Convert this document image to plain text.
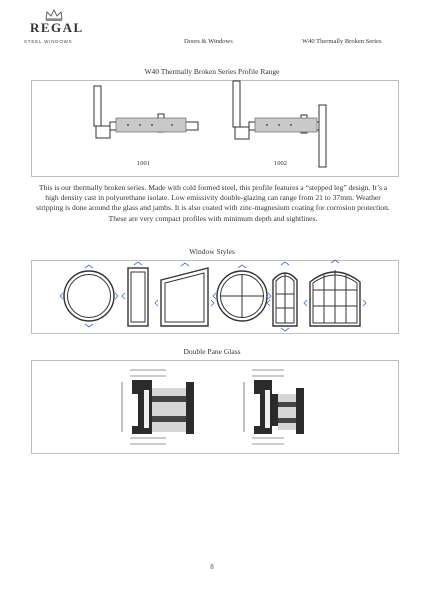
REGAL
STEEL WINDOWS	Doors & Windows	W40 Thermally Broken Series
W40 Thermally Broken Series Profile Range
1001	1002
This is our thermally broken series. Made with cold formed steel, this profile features a “stepped leg” design. It’s a high density cast in polyurethane isolate. Low emissivity double-glazing can range from 21 to 37mm. Weather stripping is done around the glass and jambs. It is also coated with zinc-magnesium coating for corrosion protection. These are very compact profiles with minimum depth and sightlines.
Window Styles
Double Pane Glass
8
